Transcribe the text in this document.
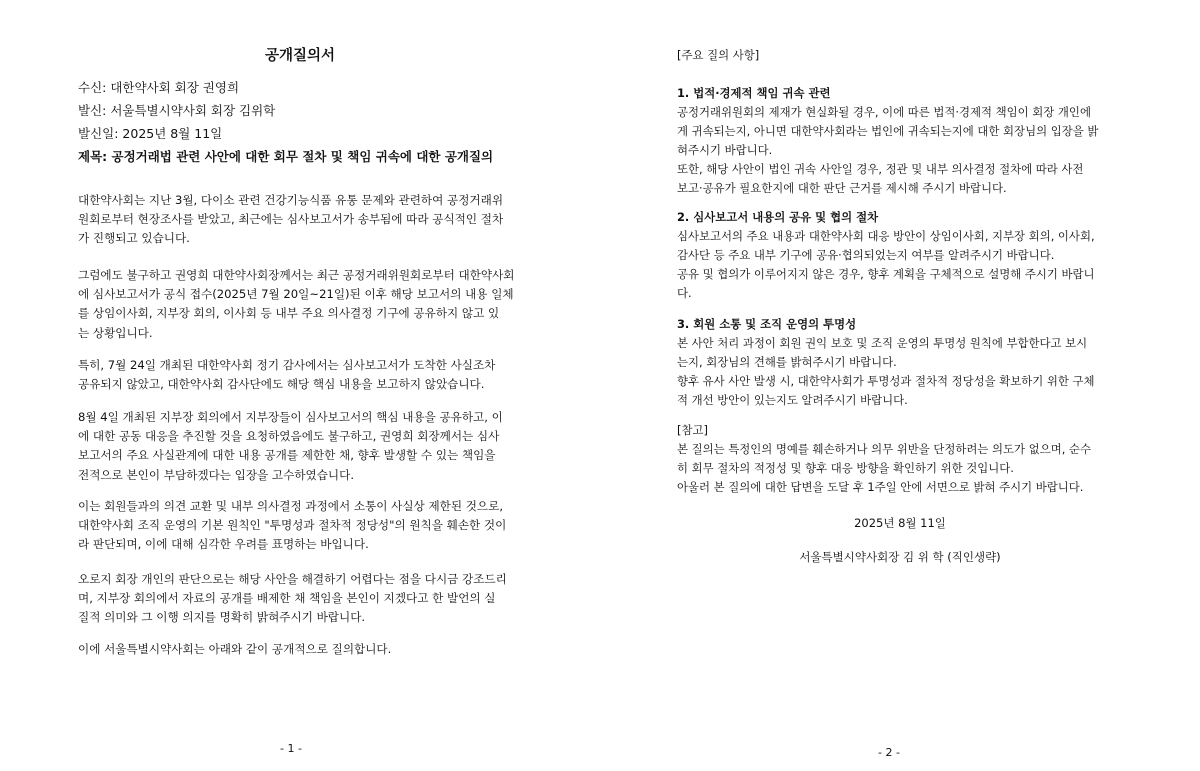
공개질의서
수신: 대한약사회 회장 권영희
발신: 서울특별시약사회 회장 김위학
발신일: 2025년 8월 11일
제목: 공정거래법 관련 사안에 대한 회무 절차 및 책임 귀속에 대한 공개질의
대한약사회는 지난 3월, 다이소 관련 건강기능식품 유통 문제와 관련하여 공정거래위
원회로부터 현장조사를 받았고, 최근에는 심사보고서가 송부됨에 따라 공식적인 절차
가 진행되고 있습니다.
그럼에도 불구하고 권영희 대한약사회장께서는 최근 공정거래위원회로부터 대한약사회
에 심사보고서가 공식 접수(2025년 7월 20일~21일)된 이후 해당 보고서의 내용 일체
를 상임이사회, 지부장 회의, 이사회 등 내부 주요 의사결정 기구에 공유하지 않고 있
는 상황입니다.
특히, 7월 24일 개최된 대한약사회 정기 감사에서는 심사보고서가 도착한 사실조차
공유되지 않았고, 대한약사회 감사단에도 해당 핵심 내용을 보고하지 않았습니다.
8월 4일 개최된 지부장 회의에서 지부장들이 심사보고서의 핵심 내용을 공유하고, 이
에 대한 공동 대응을 추진할 것을 요청하였음에도 불구하고, 권영희 회장께서는 심사
보고서의 주요 사실관계에 대한 내용 공개를 제한한 채, 향후 발생할 수 있는 책임을
전적으로 본인이 부담하겠다는 입장을 고수하였습니다.
이는 회원들과의 의견 교환 및 내부 의사결정 과정에서 소통이 사실상 제한된 것으로,
대한약사회 조직 운영의 기본 원칙인 "투명성과 절차적 정당성"의 원칙을 훼손한 것이
라 판단되며, 이에 대해 심각한 우려를 표명하는 바입니다.
오로지 회장 개인의 판단으로는 해당 사안을 해결하기 어렵다는 점을 다시금 강조드리
며, 지부장 회의에서 자료의 공개를 배제한 채 책임을 본인이 지겠다고 한 발언의 실
질적 의미와 그 이행 의지를 명확히 밝혀주시기 바랍니다.
이에 서울특별시약사회는 아래와 같이 공개적으로 질의합니다.
- 1 -
[주요 질의 사항]
1. 법적·경제적 책임 귀속 관련
공정거래위원회의 제재가 현실화될 경우, 이에 따른 법적·경제적 책임이 회장 개인에
게 귀속되는지, 아니면 대한약사회라는 법인에 귀속되는지에 대한 회장님의 입장을 밝
혀주시기 바랍니다.
또한, 해당 사안이 법인 귀속 사안일 경우, 정관 및 내부 의사결정 절차에 따라 사전
보고·공유가 필요한지에 대한 판단 근거를 제시해 주시기 바랍니다.
2. 심사보고서 내용의 공유 및 협의 절차
심사보고서의 주요 내용과 대한약사회 대응 방안이 상임이사회, 지부장 회의, 이사회,
감사단 등 주요 내부 기구에 공유·협의되었는지 여부를 알려주시기 바랍니다.
공유 및 협의가 이루어지지 않은 경우, 향후 계획을 구체적으로 설명해 주시기 바랍니
다.
3. 회원 소통 및 조직 운영의 투명성
본 사안 처리 과정이 회원 권익 보호 및 조직 운영의 투명성 원칙에 부합한다고 보시
는지, 회장님의 견해를 밝혀주시기 바랍니다.
향후 유사 사안 발생 시, 대한약사회가 투명성과 절차적 정당성을 확보하기 위한 구체
적 개선 방안이 있는지도 알려주시기 바랍니다.
[참고]
본 질의는 특정인의 명예를 훼손하거나 의무 위반을 단정하려는 의도가 없으며, 순수
히 회무 절차의 적정성 및 향후 대응 방향을 확인하기 위한 것입니다.
아울러 본 질의에 대한 답변을 도달 후 1주일 안에 서면으로 밝혀 주시기 바랍니다.
2025년 8월 11일
서울특별시약사회장 김 위 학 (직인생략)
- 2 -
